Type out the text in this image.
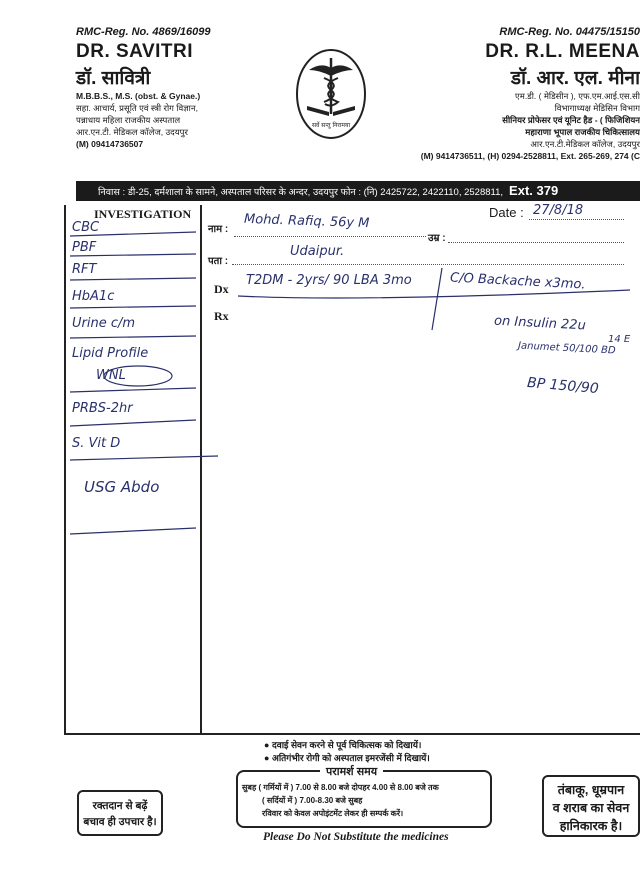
RMC-Reg. No. 4869/16099
DR. SAVITRI
डॉ. सावित्री
M.B.B.S., M.S. (obst. & Gynae.)
सहा. आचार्य, प्रसूति एवं स्त्री रोग विज्ञान,
पन्नाधाय महिला राजकीय अस्पताल
आर.एन.टी. मेडिकल कॉलेज, उदयपुर
(M) 09414736507
सर्वे सन्तु निरामया
RMC-Reg. No. 04475/15150
DR. R.L. MEENA
डॉ. आर. एल. मीना
एम.डी. ( मेडिसीन ), एफ.एम.आई.एस.सी
विभागाध्यक्ष मेडिसिन विभाग
सीनियर प्रोफेसर एवं यूनिट हैड - ( फिजिशियन
महाराणा भूपाल राजकीय चिकित्सालय
आर.एन.टी.मेडिकल कॉलेज, उदयपुर
(M) 9414736511, (H) 0294-2528811, Ext. 265-269, 274 (C
निवास : डी-25, दर्मशाला के सामने, अस्पताल परिसर के अन्दर, उदयपुर फोन : (नि) 2425722, 2422110, 2528811, Ext. 379
INVESTIGATION
नाम :
उम्र :
पता :
Date :
Dx
Rx
27/8/18
Mohd. Rafiq. 56y M
Udaipur.
T2DM - 2yrs/ 90 LBA 3mo	C/O Backache x3mo.
on Insulin 22u
14 E
Janumet 50/100 BD
BP 150/90
CBC
PBF
RFT
HbA1c
Urine c/m
Lipid Profile
WNL
PRBS-2hr
S. Vit D
USG Abdo
● दवाई सेवन करने से पूर्व चिकित्सक को दिखायें।
● अतिगंभीर रोगी को अस्पताल इमरजेंसी में दिखायें।
परामर्श समय
सुबह ( गर्मियों में ) 7.00 से 8.00 बजे दोपहर 4.00 से 8.00 बजे तक
( सर्दियों में ) 7.00-8.30 बजे सुबह
रविवार को केवल अपोइंटमेंट लेकर ही सम्पर्क करें।
रक्तदान से बढ़ें
बचाव ही उपचार है।
तंबाकू, धूम्रपान
व शराब का सेवन
हानिकारक है।
Please Do Not Substitute the medicines
